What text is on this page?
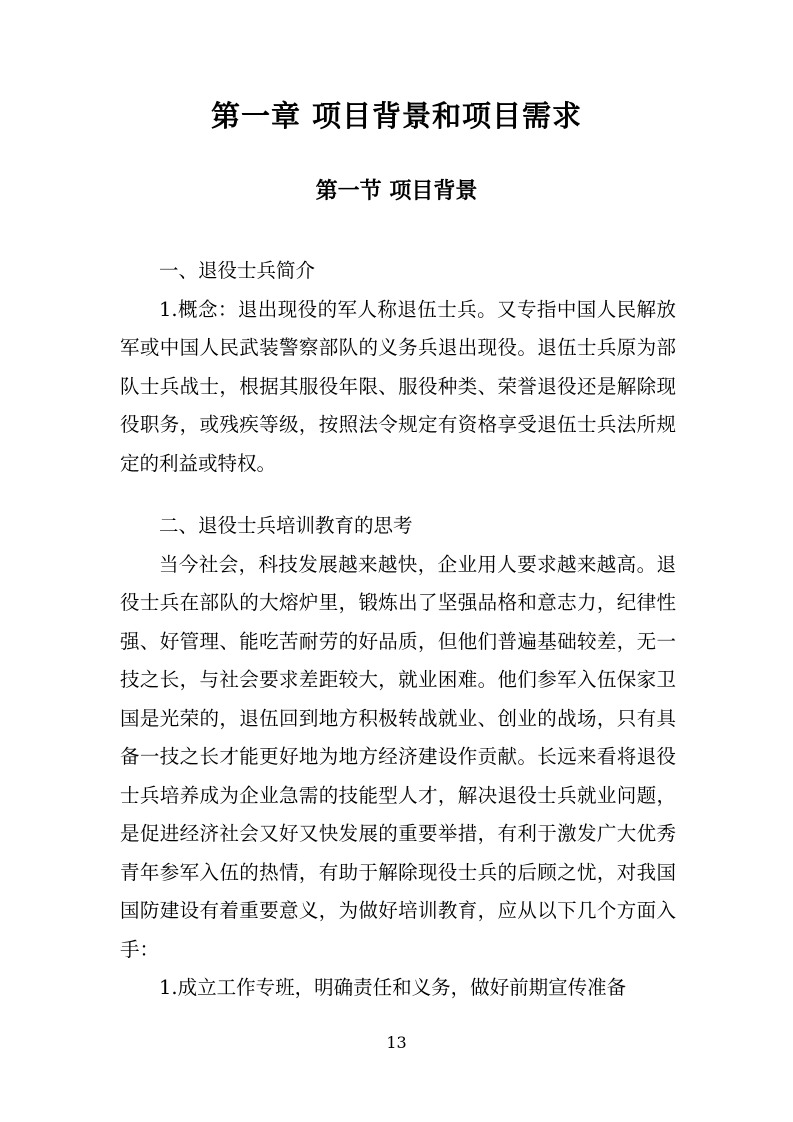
第一章 项目背景和项目需求
第一节 项目背景

一、退役士兵简介

1.概念：退出现役的军人称退伍士兵。又专指中国人民解放军或中国人民武装警察部队的义务兵退出现役。退伍士兵原为部队士兵战士，根据其服役年限、服役种类、荣誉退役还是解除现役职务，或残疾等级，按照法令规定有资格享受退伍士兵法所规定的利益或特权。

二、退役士兵培训教育的思考

当今社会，科技发展越来越快，企业用人要求越来越高。退役士兵在部队的大熔炉里，锻炼出了坚强品格和意志力，纪律性强、好管理、能吃苦耐劳的好品质，但他们普遍基础较差，无一技之长，与社会要求差距较大，就业困难。他们参军入伍保家卫国是光荣的，退伍回到地方积极转战就业、创业的战场，只有具备一技之长才能更好地为地方经济建设作贡献。长远来看将退役士兵培养成为企业急需的技能型人才，解决退役士兵就业问题，是促进经济社会又好又快发展的重要举措，有利于激发广大优秀青年参军入伍的热情，有助于解除现役士兵的后顾之忧，对我国国防建设有着重要意义，为做好培训教育，应从以下几个方面入手：

1.成立工作专班，明确责任和义务，做好前期宣传准备

13
